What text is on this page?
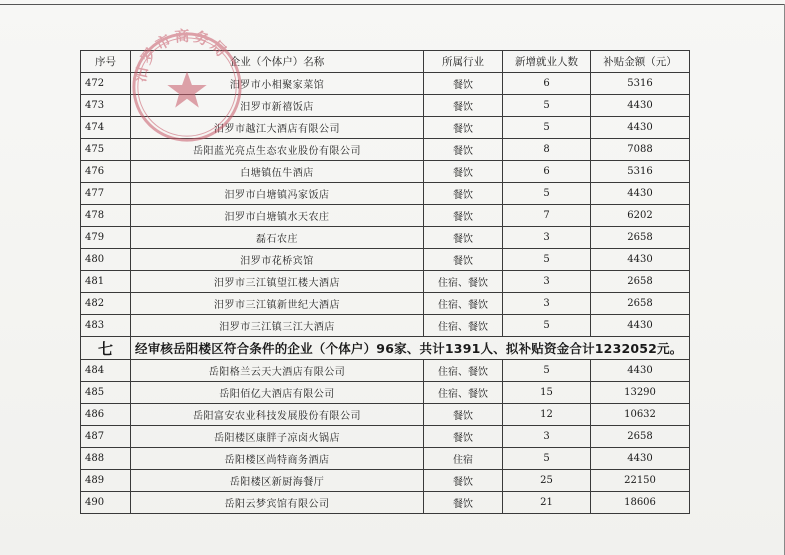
序号	企业（个体户）名称	所属行业	新增就业人数	补贴金额（元）
472	汨罗市小相聚家菜馆	餐饮	6	5316
473	汨罗市新禧饭店	餐饮	5	4430
474	汨罗市越江大酒店有限公司	餐饮	5	4430
475	岳阳蓝光亮点生态农业股份有限公司	餐饮	8	7088
476	白塘镇伍牛酒店	餐饮	6	5316
477	汨罗市白塘镇冯家饭店	餐饮	5	4430
478	汨罗市白塘镇水天农庄	餐饮	7	6202
479	磊石农庄	餐饮	3	2658
480	汨罗市花桥宾馆	餐饮	5	4430
481	汨罗市三江镇望江楼大酒店	住宿、餐饮	3	2658
482	汨罗市三江镇新世纪大酒店	住宿、餐饮	3	2658
483	汨罗市三江镇三江大酒店	住宿、餐饮	5	4430
七	经审核岳阳楼区符合条件的企业（个体户）96家、共计1391人、拟补贴资金合计1232052元。			
484	岳阳格兰云天大酒店有限公司	住宿、餐饮	5	4430
485	岳阳佰亿大酒店有限公司	住宿、餐饮	15	13290
486	岳阳富安农业科技发展股份有限公司	餐饮	12	10632
487	岳阳楼区康胖子凉卤火锅店	餐饮	3	2658
488	岳阳楼区尚特商务酒店	住宿	5	4430
489	岳阳楼区新厨海餐厅	餐饮	25	22150
490	岳阳云梦宾馆有限公司	餐饮	21	18606
汨罗市商务局
